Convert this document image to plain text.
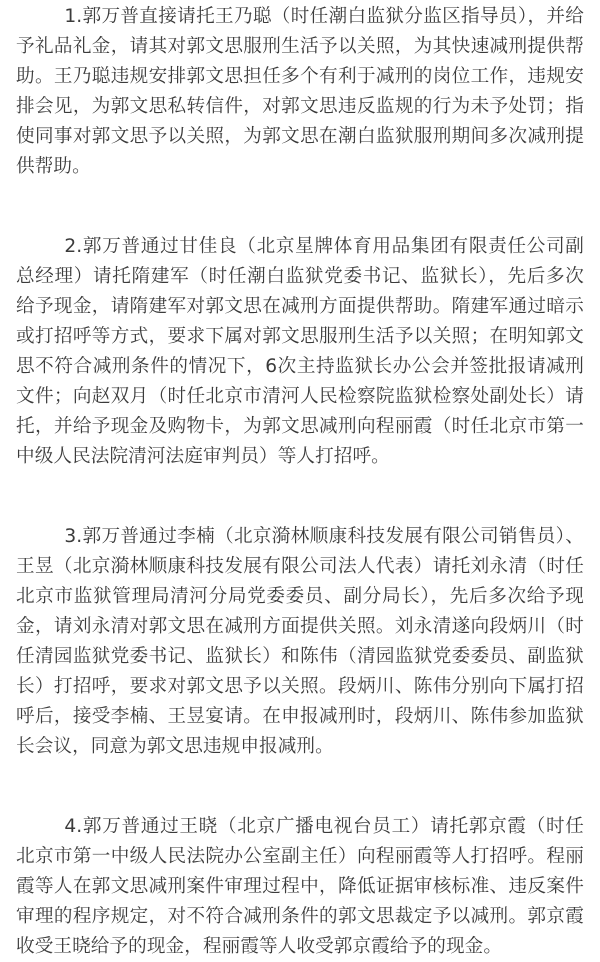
1.郭万普直接请托王乃聪（时任潮白监狱分监区指导员），并给予礼品礼金，请其对郭文思服刑生活予以关照，为其快速减刑提供帮助。王乃聪违规安排郭文思担任多个有利于减刑的岗位工作，违规安排会见，为郭文思私转信件，对郭文思违反监规的行为未予处罚；指使同事对郭文思予以关照，为郭文思在潮白监狱服刑期间多次减刑提供帮助。

2.郭万普通过甘佳良（北京星牌体育用品集团有限责任公司副总经理）请托隋建军（时任潮白监狱党委书记、监狱长），先后多次给予现金，请隋建军对郭文思在减刑方面提供帮助。隋建军通过暗示或打招呼等方式，要求下属对郭文思服刑生活予以关照；在明知郭文思不符合减刑条件的情况下，6次主持监狱长办公会并签批报请减刑文件；向赵双月（时任北京市清河人民检察院监狱检察处副处长）请托，并给予现金及购物卡，为郭文思减刑向程丽霞（时任北京市第一中级人民法院清河法庭审判员）等人打招呼。

3.郭万普通过李楠（北京漪林顺康科技发展有限公司销售员）、王昱（北京漪林顺康科技发展有限公司法人代表）请托刘永清（时任北京市监狱管理局清河分局党委委员、副分局长），先后多次给予现金，请刘永清对郭文思在减刑方面提供关照。刘永清遂向段炳川（时任清园监狱党委书记、监狱长）和陈伟（清园监狱党委委员、副监狱长）打招呼，要求对郭文思予以关照。段炳川、陈伟分别向下属打招呼后，接受李楠、王昱宴请。在申报减刑时，段炳川、陈伟参加监狱长会议，同意为郭文思违规申报减刑。

4.郭万普通过王晓（北京广播电视台员工）请托郭京霞（时任北京市第一中级人民法院办公室副主任）向程丽霞等人打招呼。程丽霞等人在郭文思减刑案件审理过程中，降低证据审核标准、违反案件审理的程序规定，对不符合减刑条件的郭文思裁定予以减刑。郭京霞收受王晓给予的现金，程丽霞等人收受郭京霞给予的现金。
